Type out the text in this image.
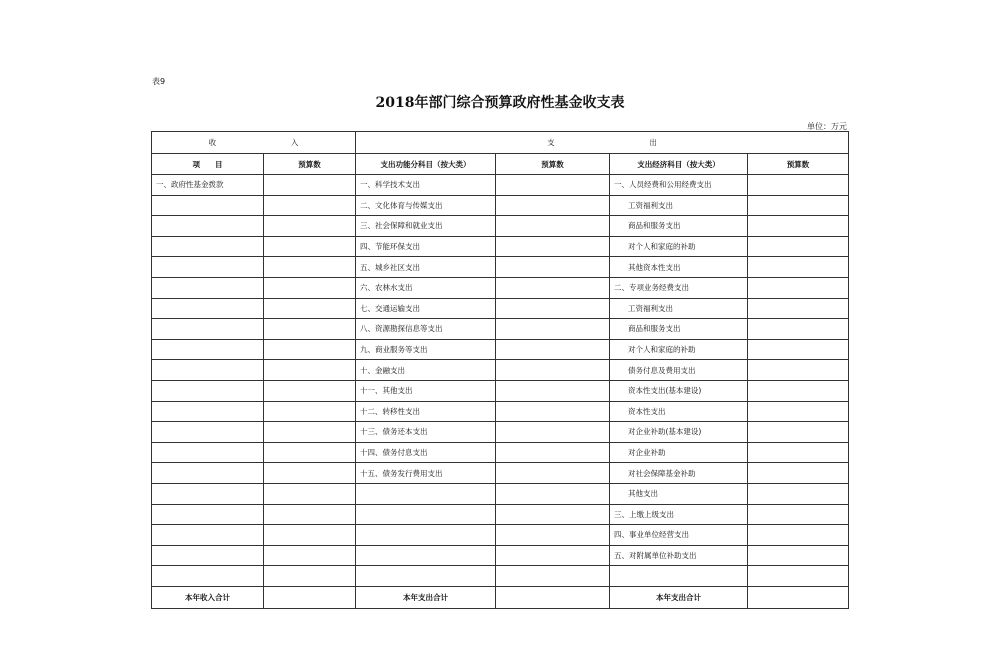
表9
2018年部门综合预算政府性基金收支表
单位：万元
收 入		支 出			
项　　目	预算数	支出功能分科目（按大类）	预算数	支出经济科目（按大类）	预算数
一、政府性基金拨款		一、科学技术支出		一、人员经费和公用经费支出	
		二、文化体育与传媒支出		工资福利支出	
		三、社会保障和就业支出		商品和服务支出	
		四、节能环保支出		对个人和家庭的补助	
		五、城乡社区支出		其他资本性支出	
		六、农林水支出		二、专项业务经费支出	
		七、交通运输支出		工资福利支出	
		八、资源勘探信息等支出		商品和服务支出	
		九、商业服务等支出		对个人和家庭的补助	
		十、金融支出		债务付息及费用支出	
		十一、其他支出		资本性支出(基本建设)	
		十二、转移性支出		资本性支出	
		十三、债务还本支出		对企业补助(基本建设)	
		十四、债务付息支出		对企业补助	
		十五、债务发行费用支出		对社会保障基金补助	
				其他支出	
				三、上缴上级支出	
				四、事业单位经营支出	
				五、对附属单位补助支出	

本年收入合计		本年支出合计		本年支出合计	
